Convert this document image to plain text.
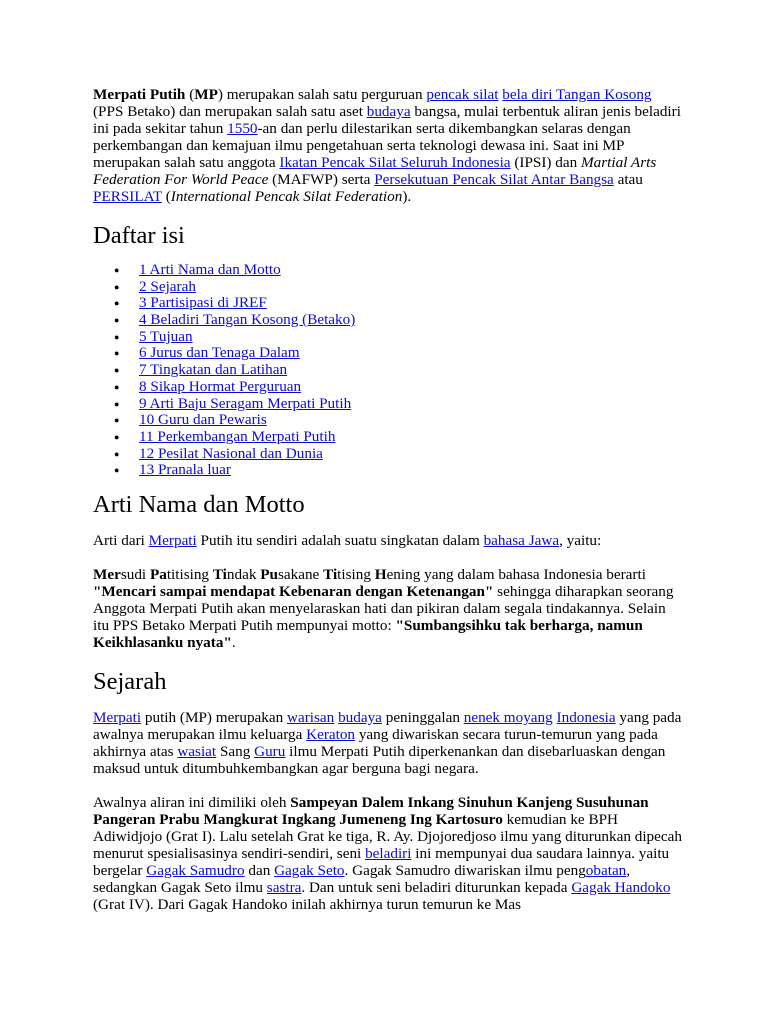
Merpati Putih (MP) merupakan salah satu perguruan pencak silat bela diri Tangan Kosong (PPS Betako) dan merupakan salah satu aset budaya bangsa, mulai terbentuk aliran jenis beladiri ini pada sekitar tahun 1550-an dan perlu dilestarikan serta dikembangkan selaras dengan perkembangan dan kemajuan ilmu pengetahuan serta teknologi dewasa ini. Saat ini MP merupakan salah satu anggota Ikatan Pencak Silat Seluruh Indonesia (IPSI) dan Martial Arts Federation For World Peace (MAFWP) serta Persekutuan Pencak Silat Antar Bangsa atau PERSILAT (International Pencak Silat Federation).

Daftar isi
● 1 Arti Nama dan Motto
● 2 Sejarah
● 3 Partisipasi di JREF
● 4 Beladiri Tangan Kosong (Betako)
● 5 Tujuan
● 6 Jurus dan Tenaga Dalam
● 7 Tingkatan dan Latihan
● 8 Sikap Hormat Perguruan
● 9 Arti Baju Seragam Merpati Putih
● 10 Guru dan Pewaris
● 11 Perkembangan Merpati Putih
● 12 Pesilat Nasional dan Dunia
● 13 Pranala luar
Arti Nama dan Motto

Arti dari Merpati Putih itu sendiri adalah suatu singkatan dalam bahasa Jawa, yaitu:

Mersudi Patitising Tindak Pusakane Titising Hening yang dalam bahasa Indonesia berarti "Mencari sampai mendapat Kebenaran dengan Ketenangan" sehingga diharapkan seorang Anggota Merpati Putih akan menyelaraskan hati dan pikiran dalam segala tindakannya. Selain itu PPS Betako Merpati Putih mempunyai motto: "Sumbangsihku tak berharga, namun Keikhlasanku nyata".

Sejarah

Merpati putih (MP) merupakan warisan budaya peninggalan nenek moyang Indonesia yang pada awalnya merupakan ilmu keluarga Keraton yang diwariskan secara turun-temurun yang pada akhirnya atas wasiat Sang Guru ilmu Merpati Putih diperkenankan dan disebarluaskan dengan maksud untuk ditumbuhkembangkan agar berguna bagi negara.

Awalnya aliran ini dimiliki oleh Sampeyan Dalem Inkang Sinuhun Kanjeng Susuhunan Pangeran Prabu Mangkurat Ingkang Jumeneng Ing Kartosuro kemudian ke BPH Adiwidjojo (Grat I). Lalu setelah Grat ke tiga, R. Ay. Djojoredjoso ilmu yang diturunkan dipecah menurut spesialisasinya sendiri-sendiri, seni beladiri ini mempunyai dua saudara lainnya. yaitu bergelar Gagak Samudro dan Gagak Seto. Gagak Samudro diwariskan ilmu pengobatan, sedangkan Gagak Seto ilmu sastra. Dan untuk seni beladiri diturunkan kepada Gagak Handoko (Grat IV). Dari Gagak Handoko inilah akhirnya turun temurun ke Mas
